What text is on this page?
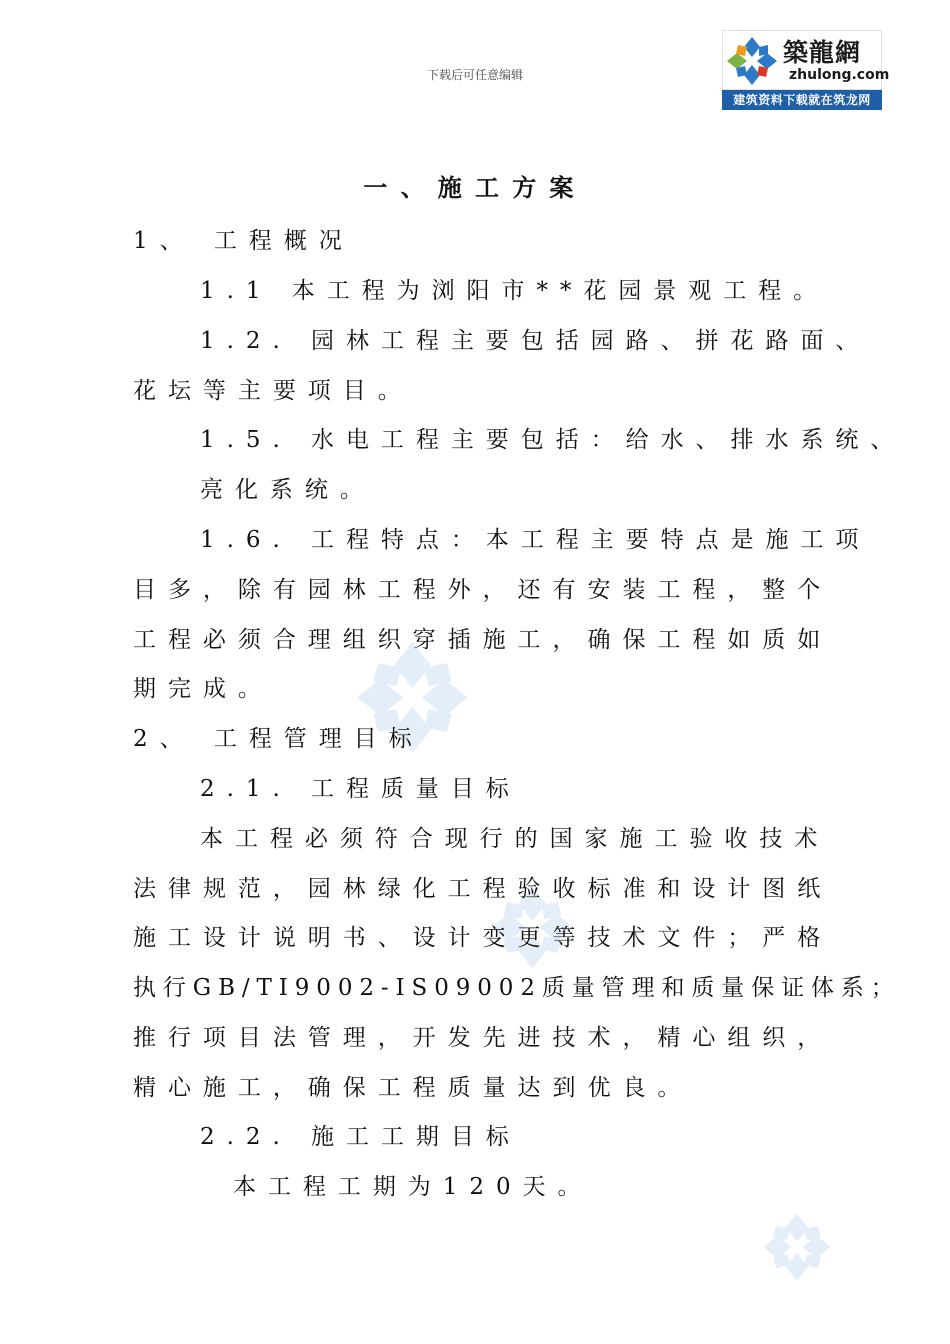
下载后可任意编辑
築龍網
zhulong.com
建筑资料下载就在筑龙网
一、施工方案
1、 工程概况
1.1 本工程为浏阳市**花园景观工程。
1.2. 园林工程主要包括园路、拼花路面、
花坛等主要项目。
1.5. 水电工程主要包括：给水、排水系统、
亮化系统。
1.6. 工程特点：本工程主要特点是施工项
目多，除有园林工程外，还有安装工程，整个
工程必须合理组织穿插施工，确保工程如质如
期完成。
2、 工程管理目标
2.1. 工程质量目标
本工程必须符合现行的国家施工验收技术
法律规范，园林绿化工程验收标准和设计图纸
施工设计说明书、设计变更等技术文件；严格
执行GB/TI9002-IS09002质量管理和质量保证体系；
推行项目法管理，开发先进技术，精心组织，
精心施工，确保工程质量达到优良。
2.2. 施工工期目标
本工程工期为120天。
